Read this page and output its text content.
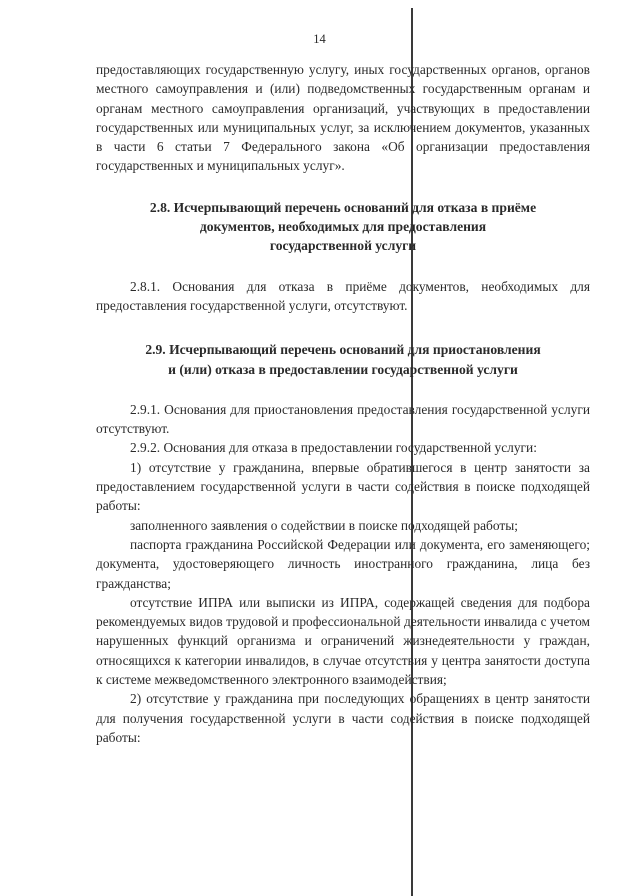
14

предоставляющих государственную услугу, иных государственных органов, органов местного самоуправления и (или) подведомственных государственным органам и органам местного самоуправления организаций, участвующих в предоставлении государственных или муниципальных услуг, за исключением документов, указанных в части 6 статьи 7 Федерального закона «Об организации предоставления государственных и муниципальных услуг».

2.8. Исчерпывающий перечень оснований для отказа в приёме
документов, необходимых для предоставления
государственной услуги

2.8.1. Основания для отказа в приёме документов, необходимых для предоставления государственной услуги, отсутствуют.

2.9. Исчерпывающий перечень оснований для приостановления
и (или) отказа в предоставлении государственной услуги

2.9.1. Основания для приостановления предоставления государственной услуги отсутствуют.

2.9.2. Основания для отказа в предоставлении государственной услуги:

1) отсутствие у гражданина, впервые обратившегося в центр занятости за предоставлением государственной услуги в части содействия в поиске подходящей работы:

заполненного заявления о содействии в поиске подходящей работы;

паспорта гражданина Российской Федерации или документа, его заменяющего; документа, удостоверяющего личность иностранного гражданина, лица без гражданства;

отсутствие ИПРА или выписки из ИПРА, содержащей сведения для подбора рекомендуемых видов трудовой и профессиональной деятельности инвалида с учетом нарушенных функций организма и ограничений жизнедеятельности у граждан, относящихся к категории инвалидов, в случае отсутствия у центра занятости доступа к системе межведомственного электронного взаимодействия;

2) отсутствие у гражданина при последующих обращениях в центр занятости для получения государственной услуги в части содействия в поиске подходящей работы:
